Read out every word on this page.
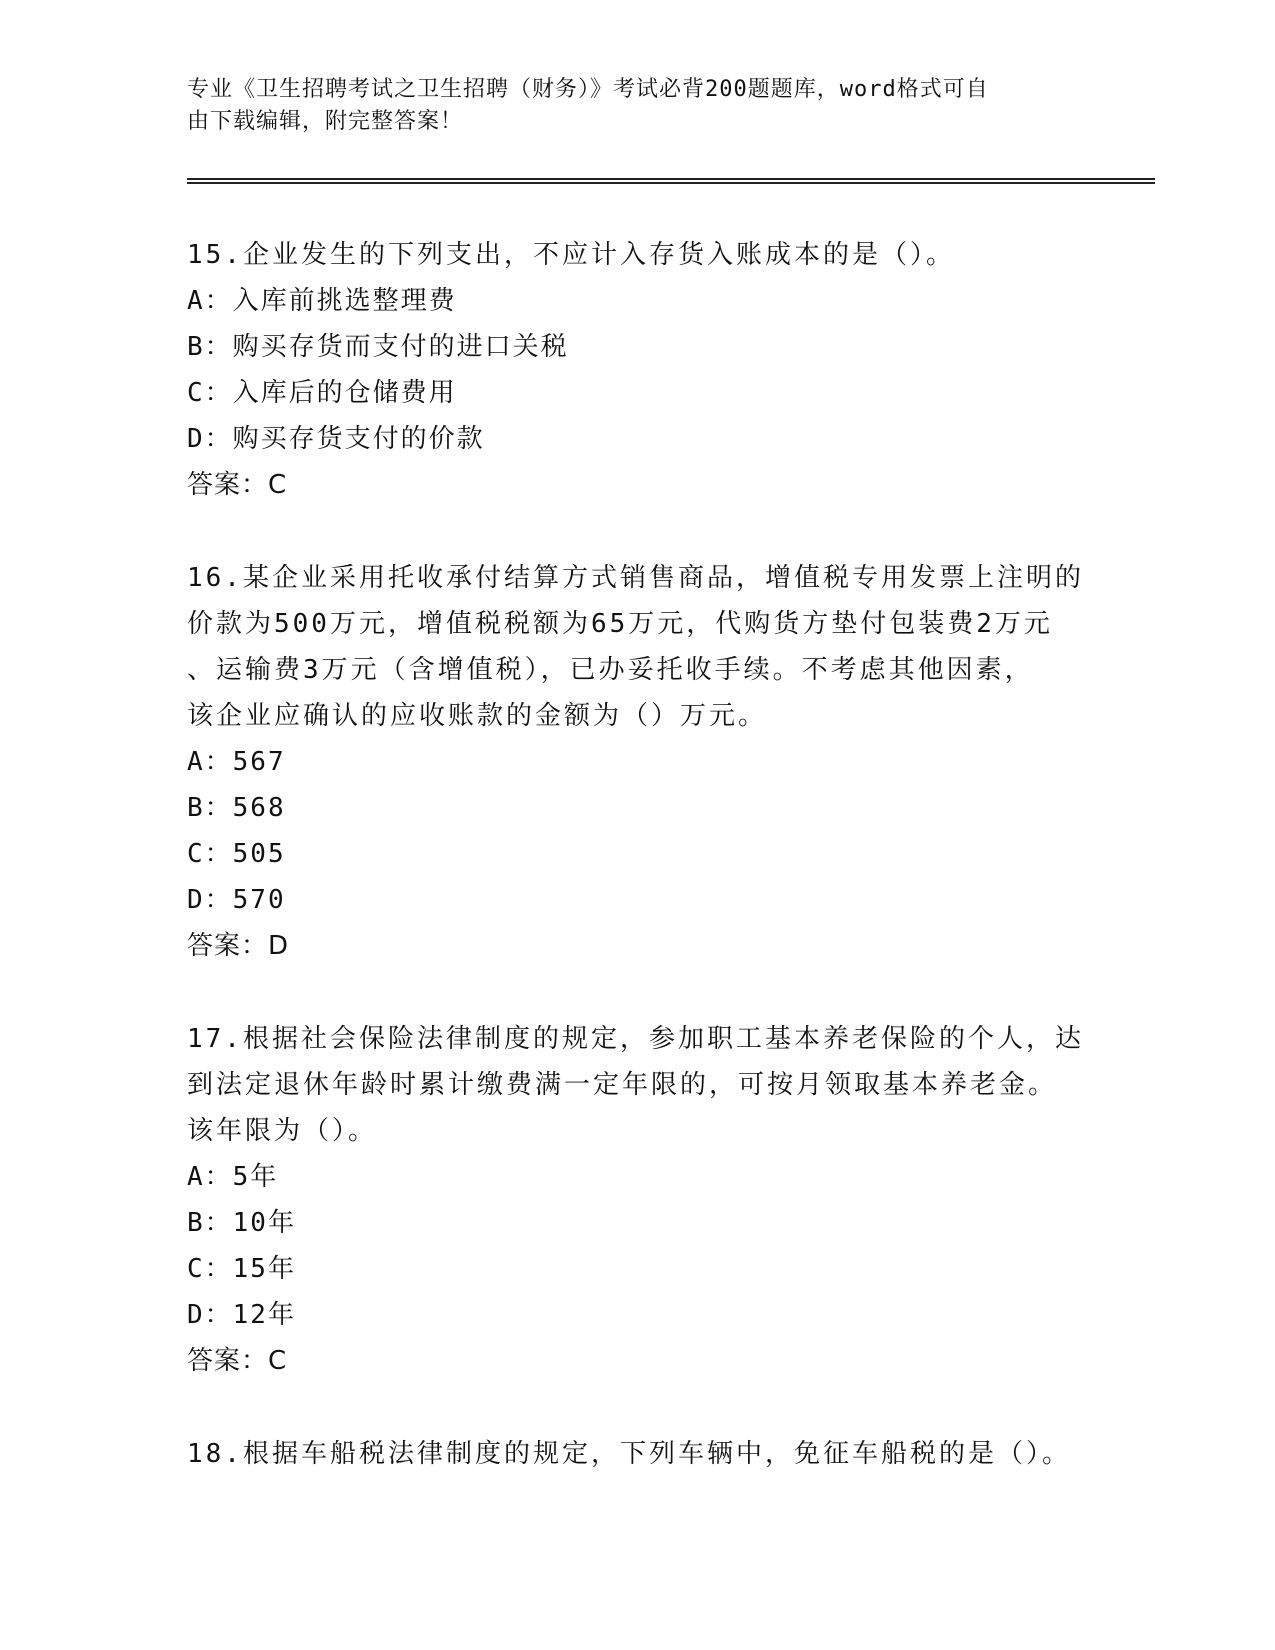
专业《卫生招聘考试之卫生招聘（财务）》考试必背200题题库，word格式可自
由下载编辑，附完整答案！
15.企业发生的下列支出，不应计入存货入账成本的是（）。
A：入库前挑选整理费
B：购买存货而支付的进口关税
C：入库后的仓储费用
D：购买存货支付的价款
答案：C
16.某企业采用托收承付结算方式销售商品，增值税专用发票上注明的
价款为500万元，增值税税额为65万元，代购货方垫付包装费2万元
、运输费3万元（含增值税），已办妥托收手续。不考虑其他因素，
该企业应确认的应收账款的金额为（）万元。
A：567
B：568
C：505
D：570
答案：D
17.根据社会保险法律制度的规定，参加职工基本养老保险的个人，达
到法定退休年龄时累计缴费满一定年限的，可按月领取基本养老金。
该年限为（）。
A：5年
B：10年
C：15年
D：12年
答案：C
18.根据车船税法律制度的规定，下列车辆中，免征车船税的是（）。
